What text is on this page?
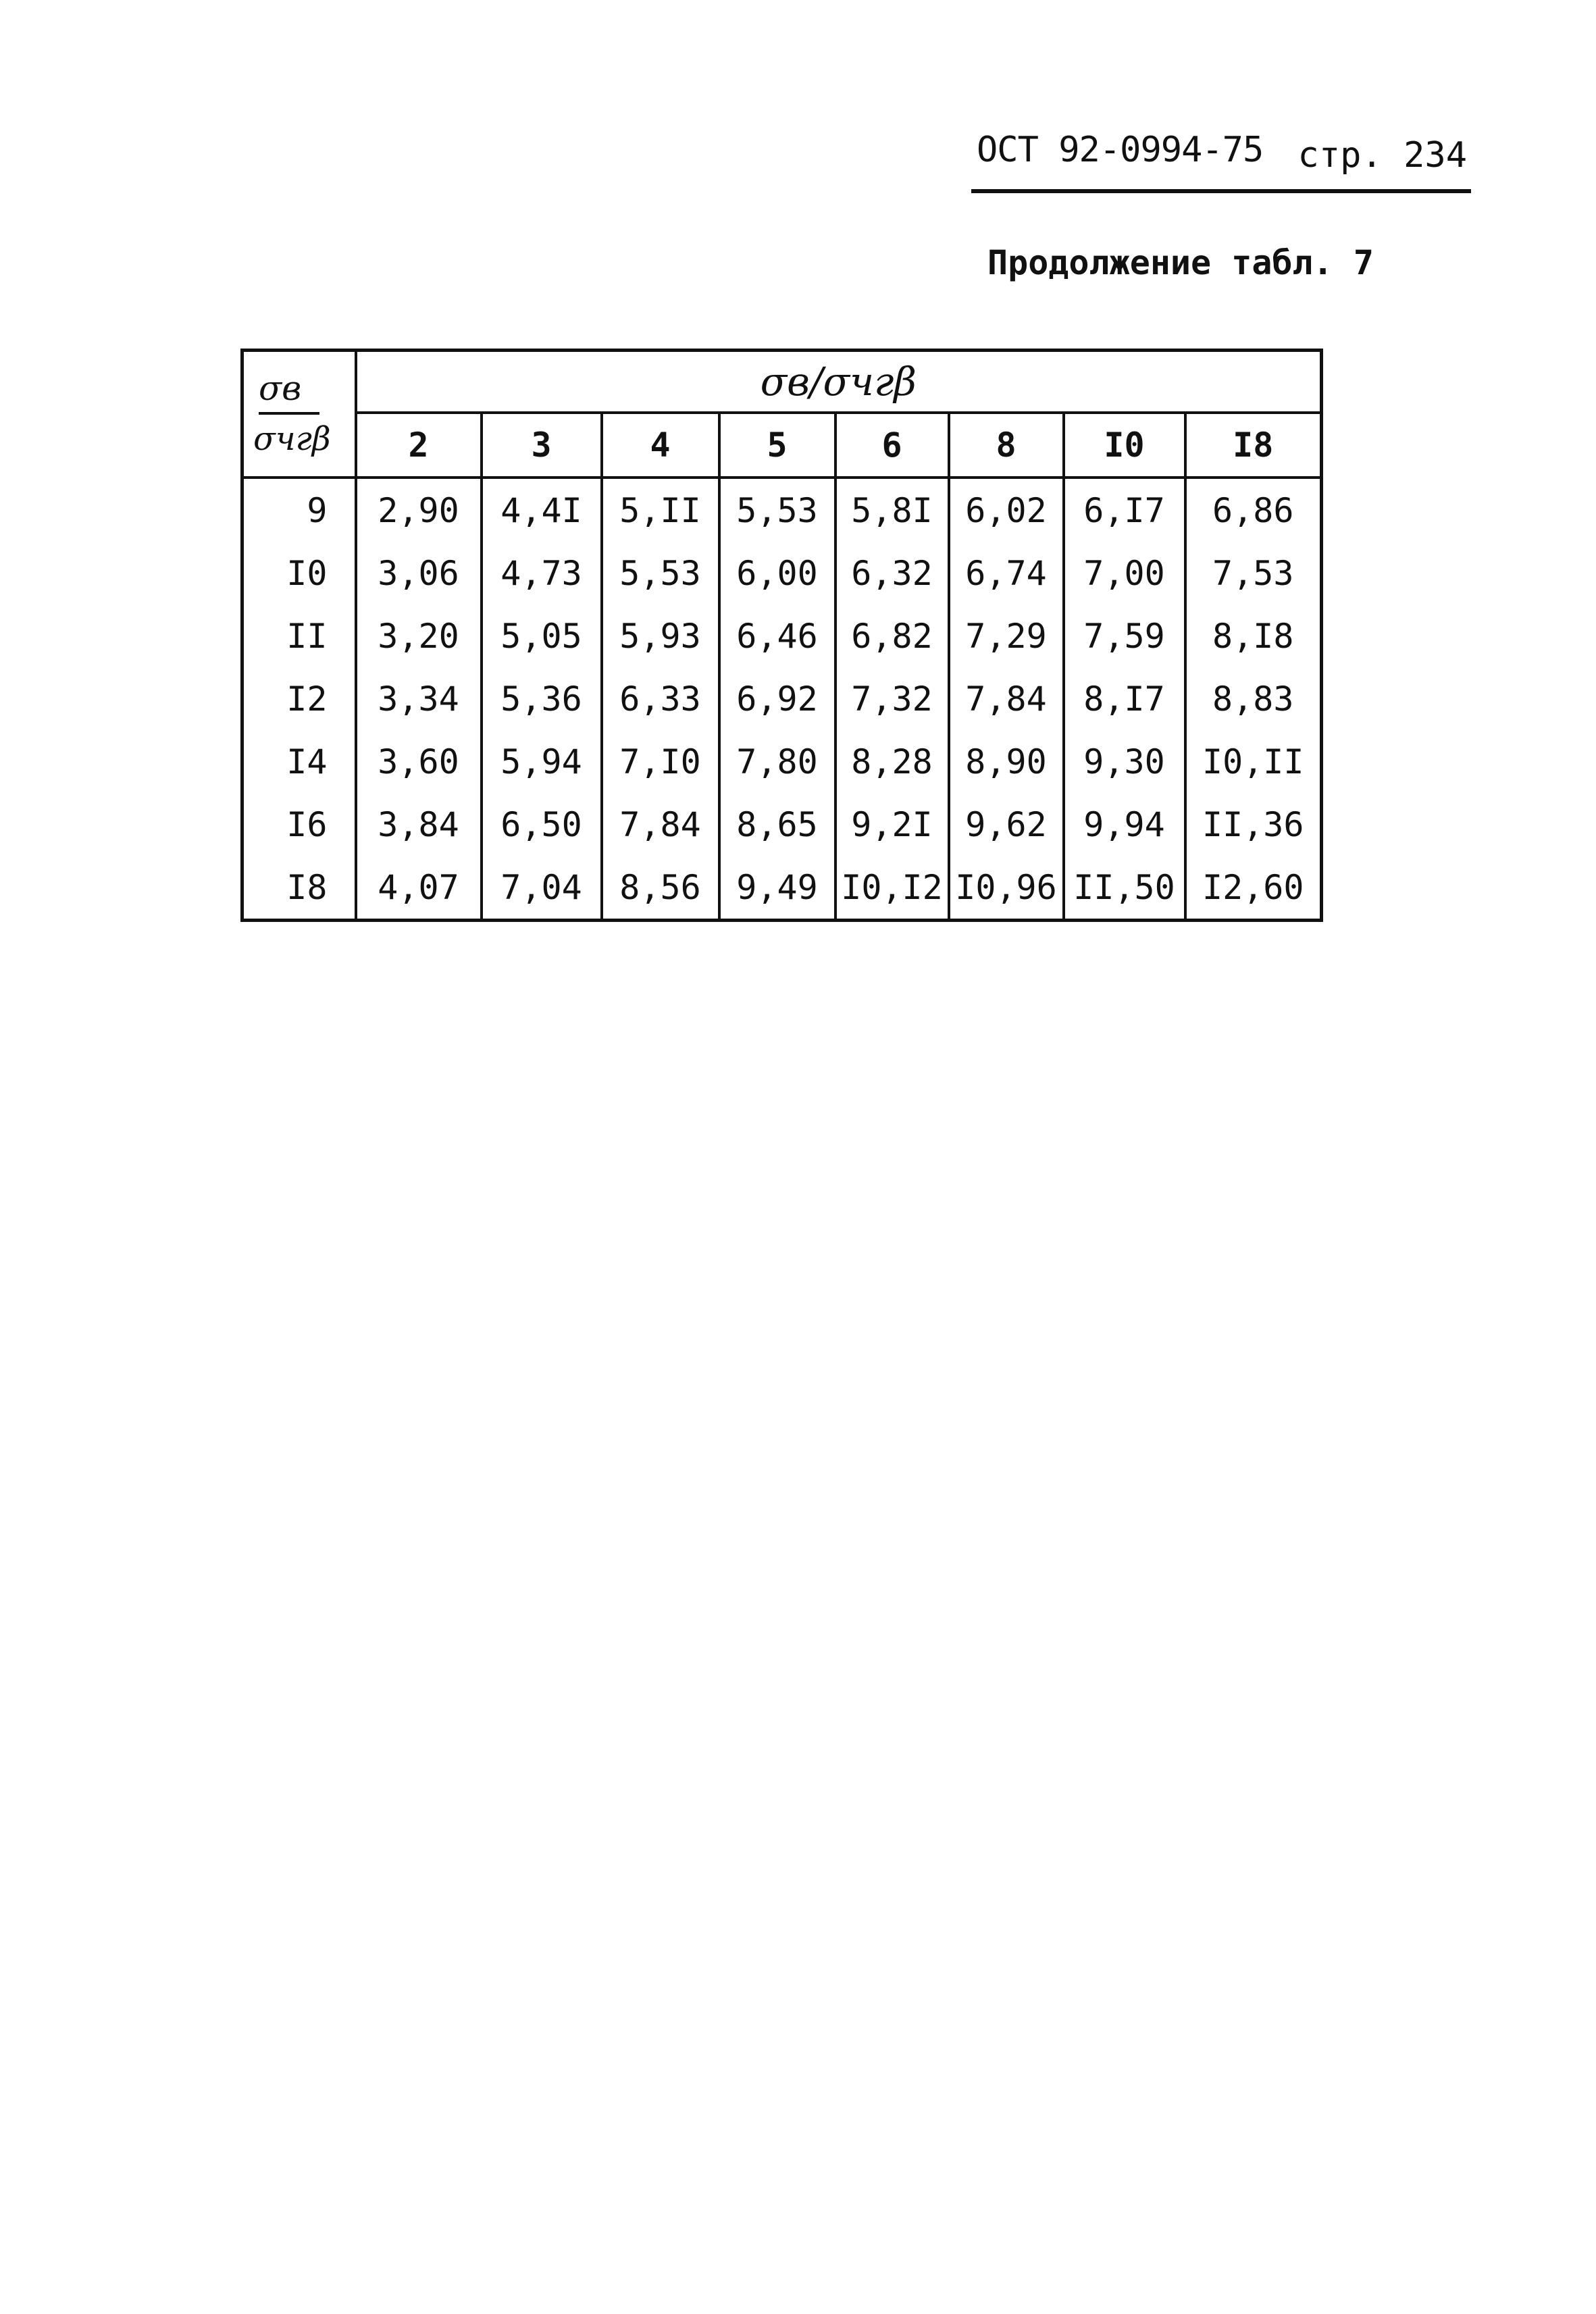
ОСТ 92-0994-75 стр. 234
Продолжение табл. 7
σв
σчгβ	σв/σчгβ							
	2	3	4	5	6	8	I0	I8
9	2,90	4,4I	5,II	5,53	5,8I	6,02	6,I7	6,86
I0	3,06	4,73	5,53	6,00	6,32	6,74	7,00	7,53
II	3,20	5,05	5,93	6,46	6,82	7,29	7,59	8,I8
I2	3,34	5,36	6,33	6,92	7,32	7,84	8,I7	8,83
I4	3,60	5,94	7,I0	7,80	8,28	8,90	9,30	I0,II
I6	3,84	6,50	7,84	8,65	9,2I	9,62	9,94	II,36
I8	4,07	7,04	8,56	9,49	I0,I2	I0,96	II,50	I2,60
